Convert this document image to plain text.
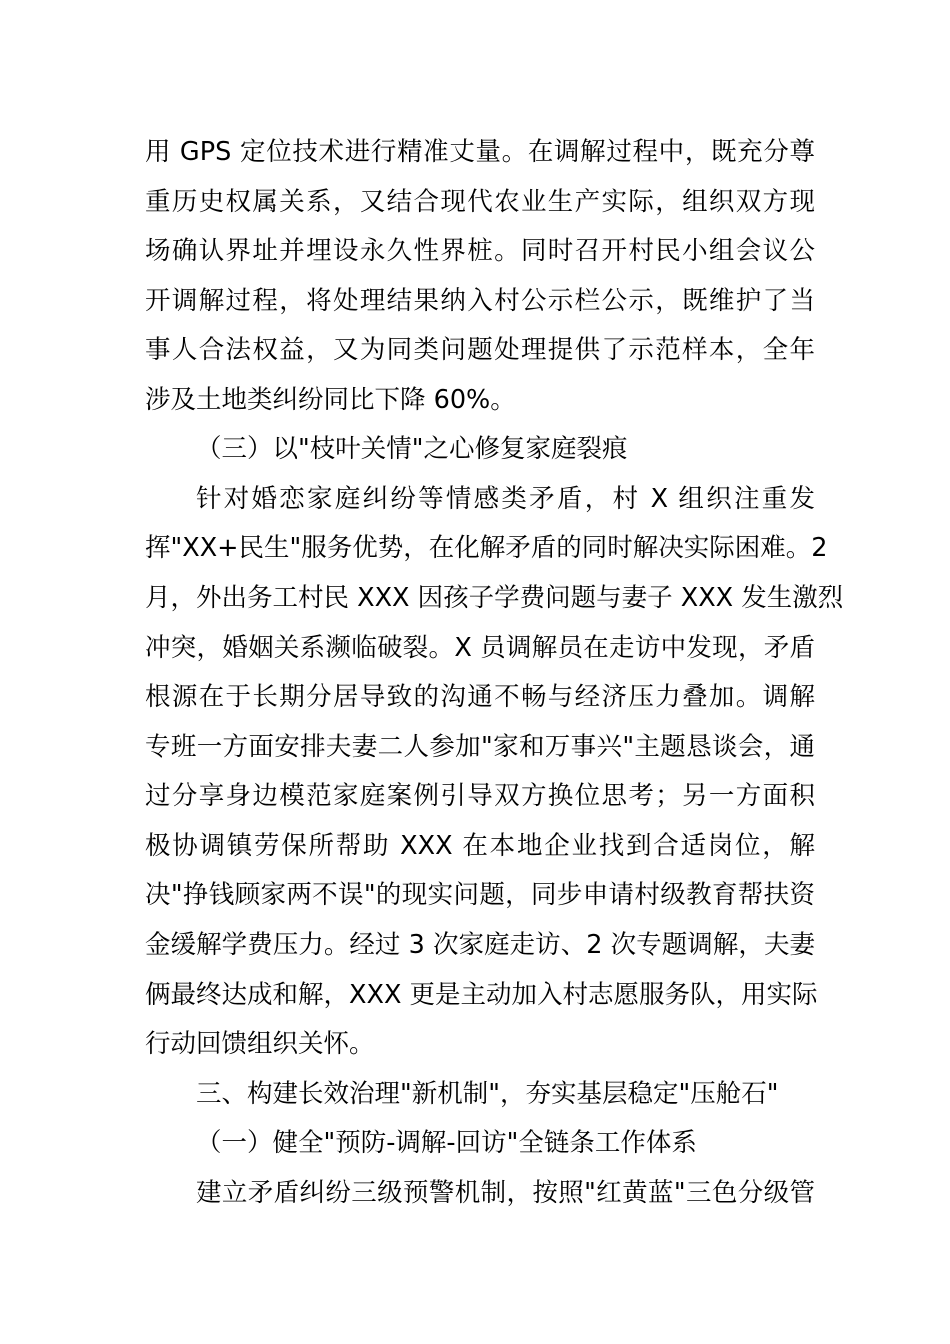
用 GPS 定位技术进行精准丈量。在调解过程中，既充分尊
重历史权属关系，又结合现代农业生产实际，组织双方现
场确认界址并埋设永久性界桩。同时召开村民小组会议公
开调解过程，将处理结果纳入村公示栏公示，既维护了当
事人合法权益，又为同类问题处理提供了示范样本，全年
涉及土地类纠纷同比下降 60%。
（三）以"枝叶关情"之心修复家庭裂痕
针对婚恋家庭纠纷等情感类矛盾，村 X 组织注重发
挥"XX+民生"服务优势，在化解矛盾的同时解决实际困难。2
月，外出务工村民 XXX 因孩子学费问题与妻子 XXX 发生激烈
冲突，婚姻关系濒临破裂。X 员调解员在走访中发现，矛盾
根源在于长期分居导致的沟通不畅与经济压力叠加。调解
专班一方面安排夫妻二人参加"家和万事兴"主题恳谈会，通
过分享身边模范家庭案例引导双方换位思考；另一方面积
极协调镇劳保所帮助 XXX 在本地企业找到合适岗位，解
决"挣钱顾家两不误"的现实问题，同步申请村级教育帮扶资
金缓解学费压力。经过 3 次家庭走访、2 次专题调解，夫妻
俩最终达成和解，XXX 更是主动加入村志愿服务队，用实际
行动回馈组织关怀。
三、构建长效治理"新机制"，夯实基层稳定"压舱石"
（一）健全"预防-调解-回访"全链条工作体系
建立矛盾纠纷三级预警机制，按照"红黄蓝"三色分级管
